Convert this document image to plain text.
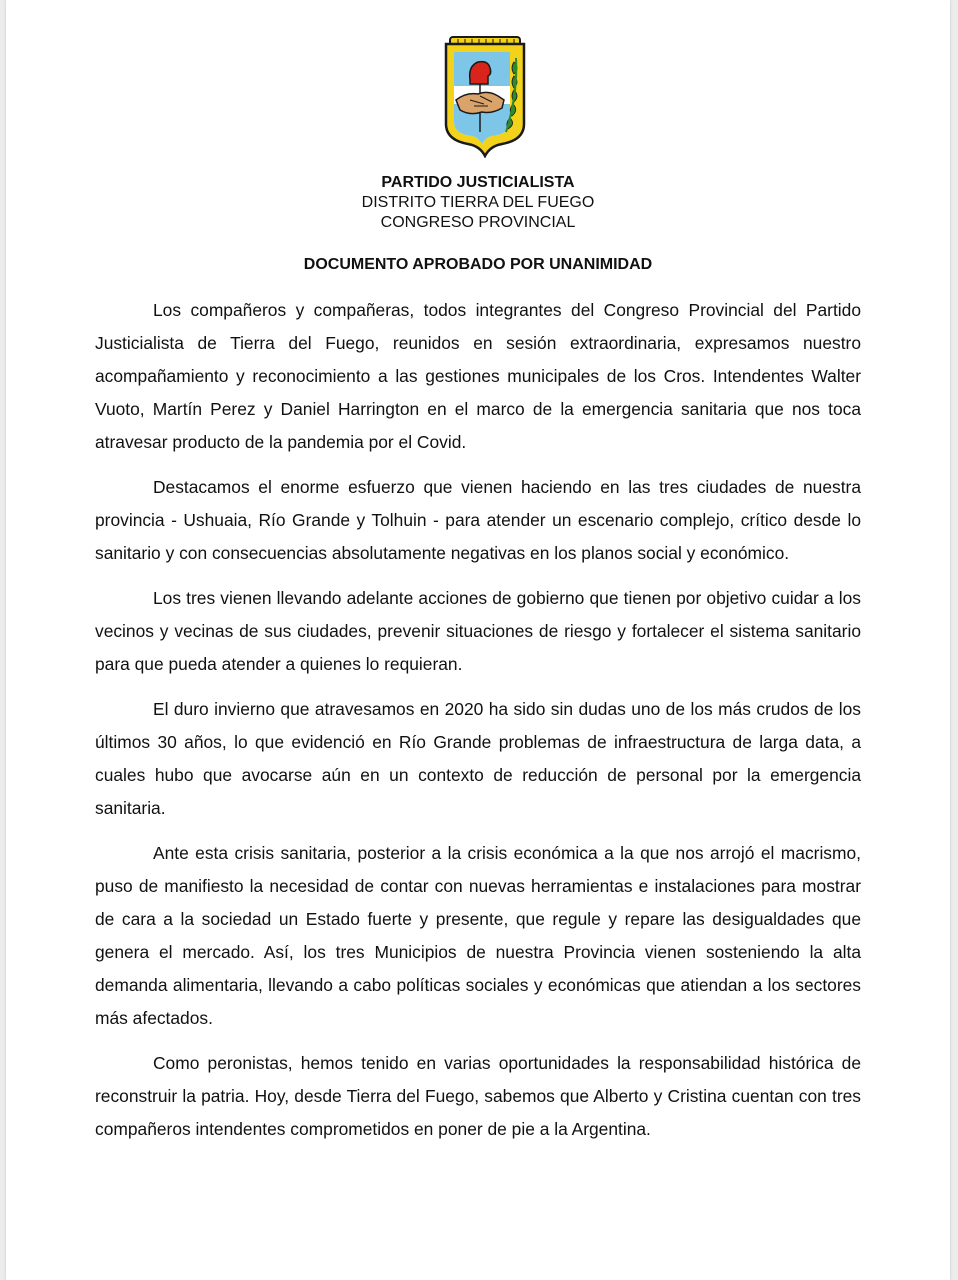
PARTIDO JUSTICIALISTA
DISTRITO TIERRA DEL FUEGO
CONGRESO PROVINCIAL
DOCUMENTO APROBADO POR UNANIMIDAD

Los compañeros y compañeras, todos integrantes del Congreso Provincial del Partido Justicialista de Tierra del Fuego, reunidos en sesión extraordinaria, expresamos nuestro acompañamiento y reconocimiento a las gestiones municipales de los Cros. Intendentes Walter Vuoto, Martín Perez y Daniel Harrington en el marco de la emergencia sanitaria que nos toca atravesar producto de la pandemia por el Covid.

Destacamos el enorme esfuerzo que vienen haciendo en las tres ciudades de nuestra provincia - Ushuaia, Río Grande y Tolhuin - para atender un escenario complejo, crítico desde lo sanitario y con consecuencias absolutamente negativas en los planos social y económico.

Los tres vienen llevando adelante acciones de gobierno que tienen por objetivo cuidar a los vecinos y vecinas de sus ciudades, prevenir situaciones de riesgo y fortalecer el sistema sanitario para que pueda atender a quienes lo requieran.

El duro invierno que atravesamos en 2020 ha sido sin dudas uno de los más crudos de los últimos 30 años, lo que evidenció en Río Grande problemas de infraestructura de larga data, a cuales hubo que avocarse aún en un contexto de reducción de personal por la emergencia sanitaria.

Ante esta crisis sanitaria, posterior a la crisis económica a la que nos arrojó el macrismo, puso de manifiesto la necesidad de contar con nuevas herramientas e instalaciones para mostrar de cara a la sociedad un Estado fuerte y presente, que regule y repare las desigualdades que genera el mercado. Así, los tres Municipios de nuestra Provincia vienen sosteniendo la alta demanda alimentaria, llevando a cabo políticas sociales y económicas que atiendan a los sectores más afectados.

Como peronistas, hemos tenido en varias oportunidades la responsabilidad histórica de reconstruir la patria. Hoy, desde Tierra del Fuego, sabemos que Alberto y Cristina cuentan con tres compañeros intendentes comprometidos en poner de pie a la Argentina.
